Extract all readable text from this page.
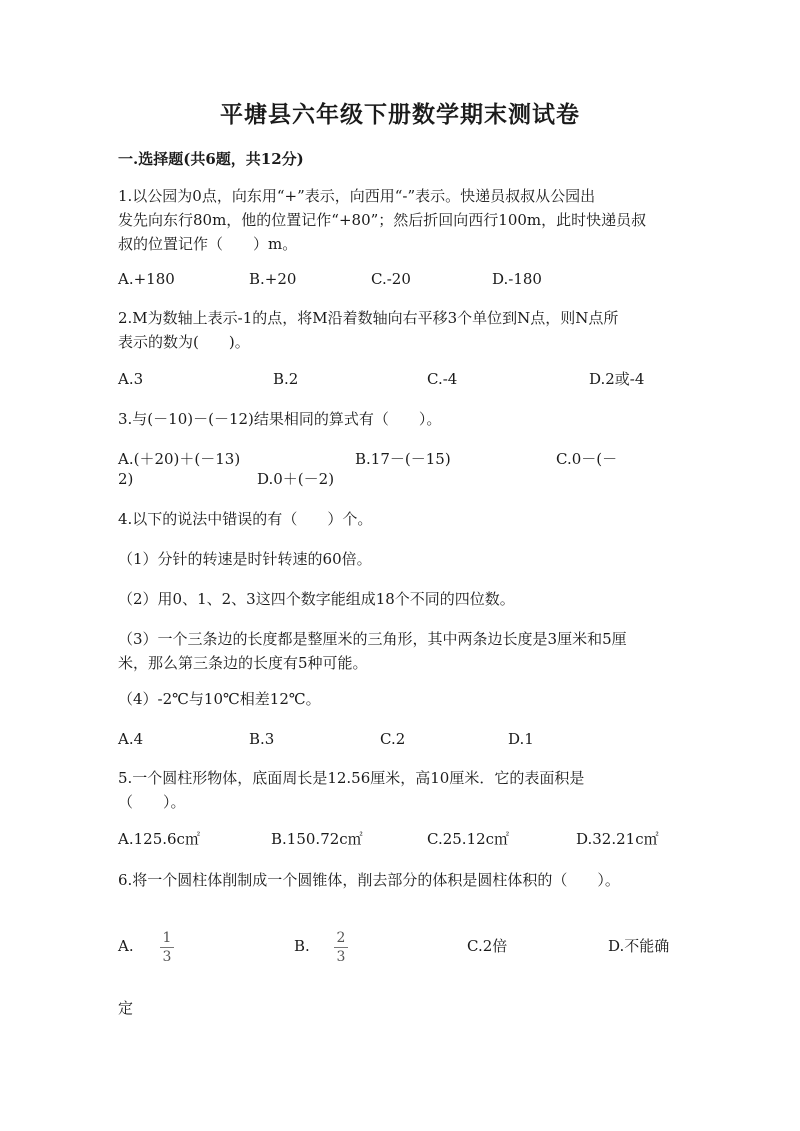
平塘县六年级下册数学期末测试卷
一.选择题(共6题，共12分)
1.以公园为0点，向东用“+”表示，向西用“-”表示。快递员叔叔从公园出
发先向东行80m，他的位置记作“+80”；然后折回向西行100m，此时快递员叔
叔的位置记作（　　）m。
A.+180	B.+20	C.-20	D.-180
2.M为数轴上表示-1的点，将M沿着数轴向右平移3个单位到N点，则N点所
表示的数为(　　)。
A.3	B.2	C.-4	D.2或-4
3.与(－10)－(－12)结果相同的算式有（　　）。
A.(＋20)＋(－13)	B.17－(－15)	C.0－(－
2)	D.0＋(－2)
4.以下的说法中错误的有（　　）个。
（1）分针的转速是时针转速的60倍。
（2）用0、1、2、3这四个数字能组成18个不同的四位数。
（3）一个三条边的长度都是整厘米的三角形，其中两条边长度是3厘米和5厘
米，那么第三条边的长度有5种可能。
（4）-2℃与10℃相差12℃。
A.4	B.3	C.2	D.1
5.一个圆柱形物体，底面周长是12.56厘米，高10厘米．它的表面积是
（　　）。
A.125.6c㎡	B.150.72c㎡	C.25.12c㎡	D.32.21c㎡
6.将一个圆柱体削制成一个圆锥体，削去部分的体积是圆柱体积的（　　）。
A.	1
3
B.	2
3
C.2倍	D.不能确
定
